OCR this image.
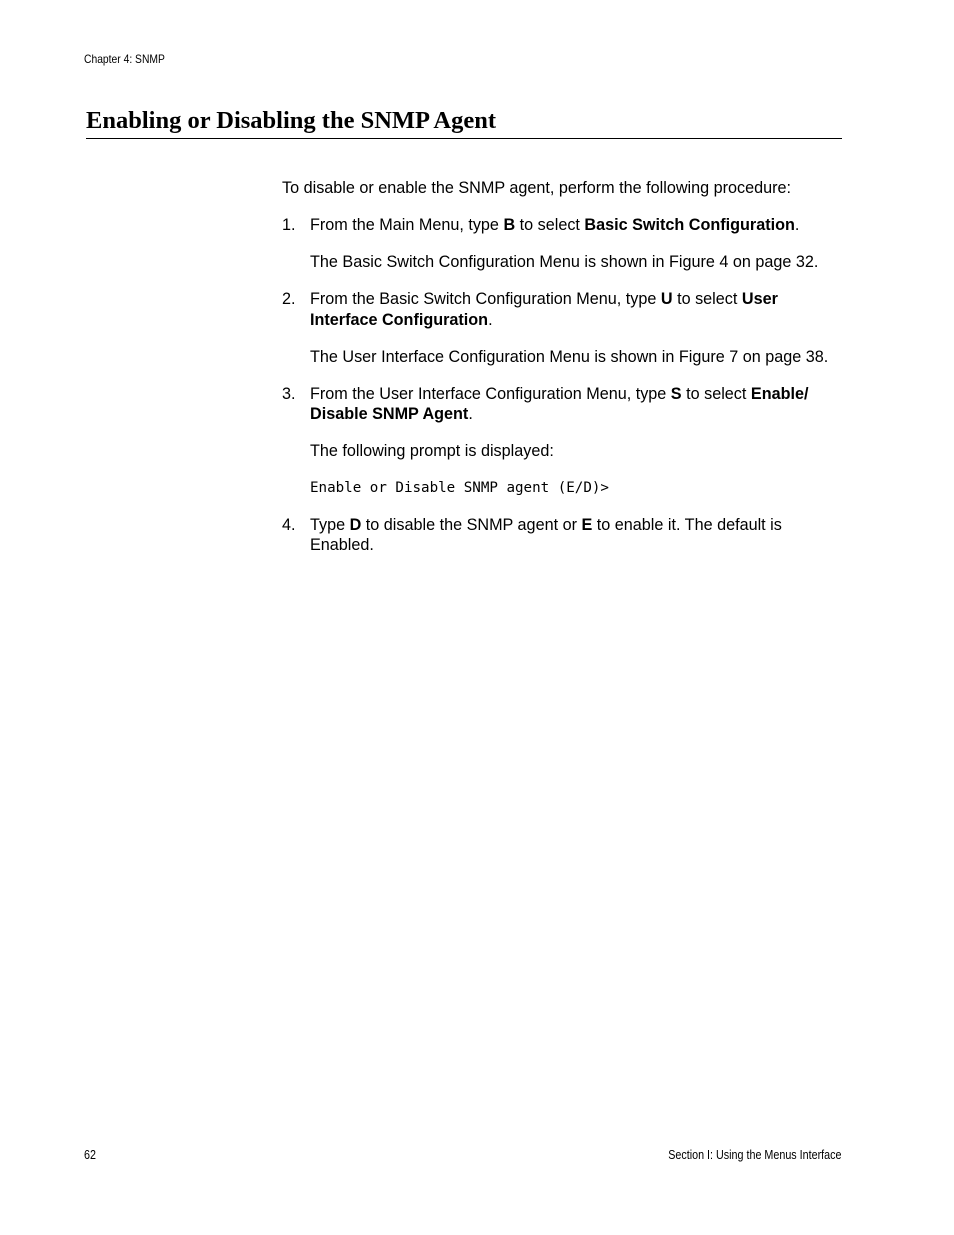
Chapter 4: SNMP
Enabling or Disabling the SNMP Agent

To disable or enable the SNMP agent, perform the following procedure:

1. From the Main Menu, type B to select Basic Switch Configuration.

The Basic Switch Configuration Menu is shown in Figure 4 on page 32.

2. From the Basic Switch Configuration Menu, type U to select User Interface Configuration.

The User Interface Configuration Menu is shown in Figure 7 on page 38.

3. From the User Interface Configuration Menu, type S to select Enable/ Disable SNMP Agent.

The following prompt is displayed:

Enable or Disable SNMP agent (E/D)>
4. Type D to disable the SNMP agent or E to enable it. The default is Enabled.

62	Section I: Using the Menus Interface
